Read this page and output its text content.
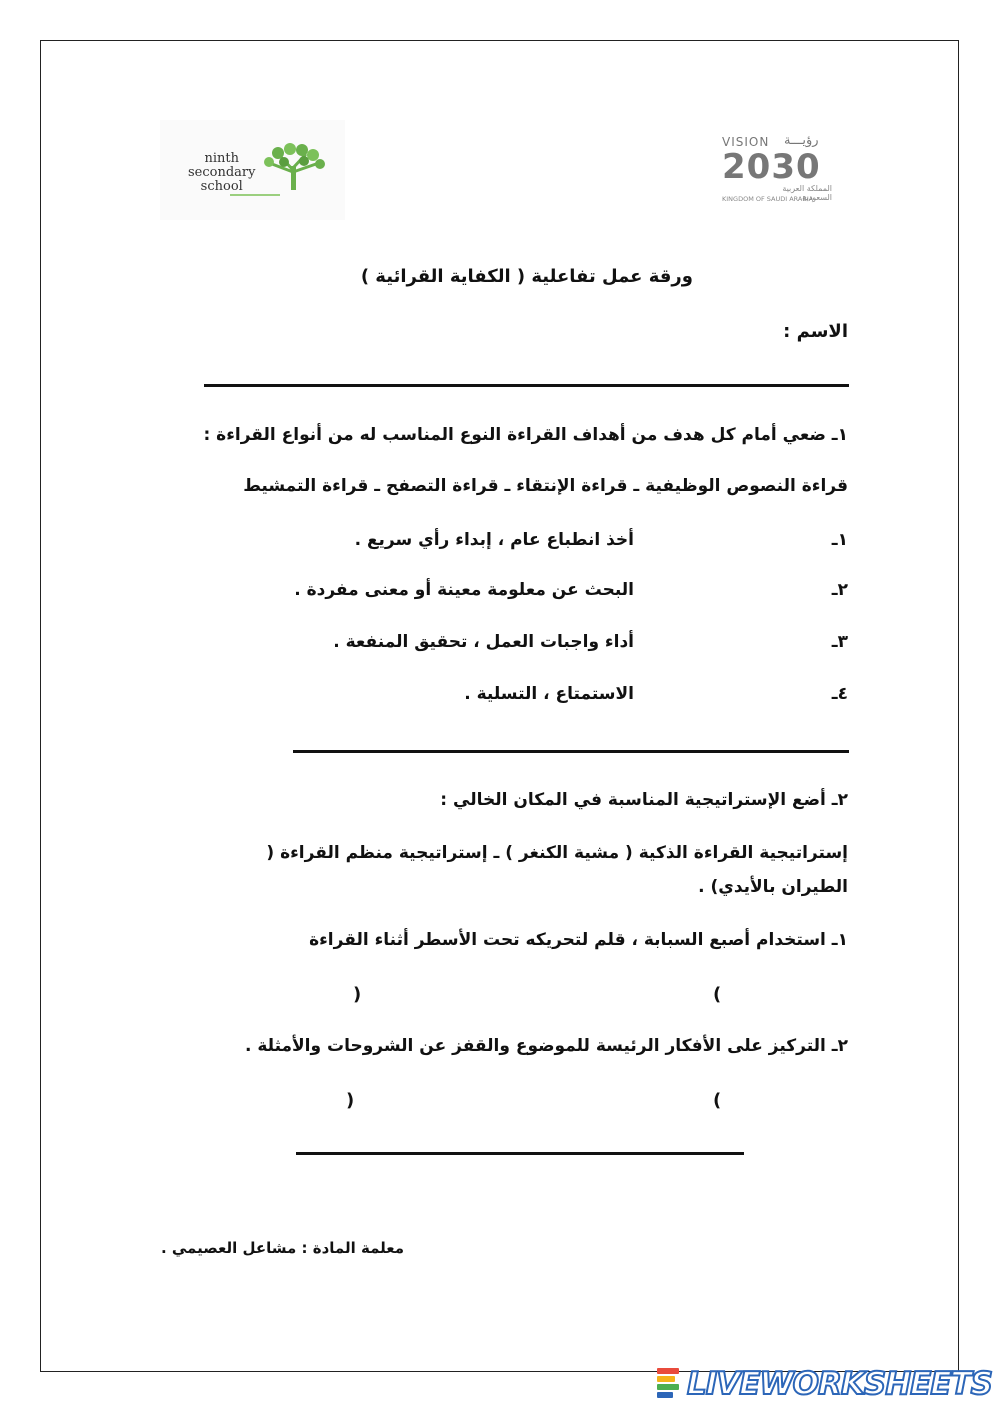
ninth
secondary
school
VISION رؤيـــة
2030
المملكة العربية السعودية
KINGDOM OF SAUDI ARABIA
ورقة عمل تفاعلية ( الكفاية القرائية )
الاسم :
١ـ ضعي أمام كل هدف من أهداف القراءة النوع المناسب له من أنواع القراءة :
قراءة النصوص الوظيفية ـ قراءة الإنتقاء ـ قراءة التصفح ـ قراءة التمشيط
١ـ
أخذ انطباع عام ، إبداء رأي سريع .
٢ـ
البحث عن معلومة معينة أو معنى مفردة .
٣ـ
أداء واجبات العمل ، تحقيق المنفعة .
٤ـ
الاستمتاع ، التسلية .
٢ـ أضع الإستراتيجية المناسبة في المكان الخالي :
إستراتيجية القراءة الذكية ( مشية الكنغر ) ـ إستراتيجية منظم القراءة (
الطيران بالأيدي) .
١ـ استخدام أصبع السبابة ، قلم لتحريكه تحت الأسطر أثناء القراءة
(
)
٢ـ التركيز على الأفكار الرئيسة للموضوع والقفز عن الشروحات والأمثلة .
(
)
معلمة المادة : مشاعل العصيمي .
LIVEWORKSHEETS
